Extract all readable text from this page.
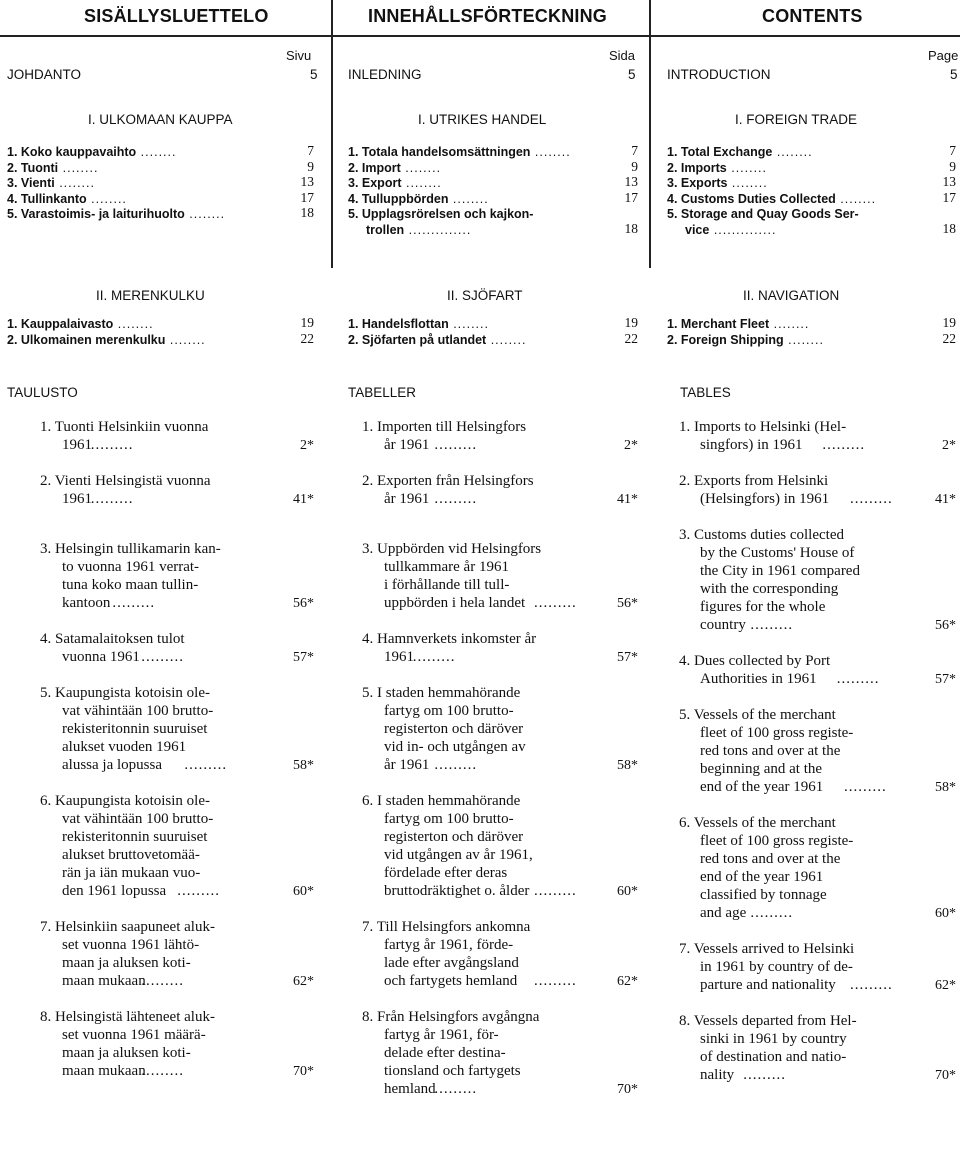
SISÄLLYSLUETTELO
Sivu
JOHDANTO	5
I. ULKOMAAN KAUPPA
1. Koko kauppavaihto ........	7
2. Tuonti ........	9
3. Vienti ........	13
4. Tullinkanto ........	17
5. Varastoimis- ja laiturihuolto ........	18
II. MERENKULKU
1. Kauppalaivasto ........	19
2. Ulkomainen merenkulku ........	22
TAULUSTO
1. Tuonti Helsinkiin vuonna
1961
.........	2*
2. Vienti Helsingistä vuonna
1961
.........	41*
3. Helsingin tullikamarin kan-
to vuonna 1961 verrat-
tuna koko maan tullin-
kantoon .........	56*
4. Satamalaitoksen tulot
vuonna 1961 .........	57*
5. Kaupungista kotoisin ole-
vat vähintään 100 brutto-
rekisteritonnin suuruiset
alukset vuoden 1961
alussa ja lopussa .........	58*
6. Kaupungista kotoisin ole-
vat vähintään 100 brutto-
rekisteritonnin suuruiset
alukset bruttovetomää-
rän ja iän mukaan vuo-
den 1961 lopussa .........	60*
7. Helsinkiin saapuneet aluk-
set vuonna 1961 lähtö-
maan ja aluksen koti-
maan mukaan
.........	62*
8. Helsingistä lähteneet aluk-
set vuonna 1961 määrä-
maan ja aluksen koti-
maan mukaan
.........	70*
INNEHÅLLSFÖRTECKNING
Sida
INLEDNING	5
I. UTRIKES HANDEL
1. Totala handelsomsättningen ........	7
2. Import ........	9
3. Export ........	13
4. Tulluppbörden ........	17
5. Upplagsrörelsen och kajkon-
trollen ..............	18
II. SJÖFART
1. Handelsflottan ........	19
2. Sjöfarten på utlandet ........	22
TABELLER
1. Importen till Helsingfors
år 1961 .........	2*
2. Exporten från Helsingfors
år 1961 .........	41*
3. Uppbörden vid Helsingfors
tullkammare år 1961
i förhållande till tull-
uppbörden i hela landet .........	56*
4. Hamnverkets inkomster år
1961
.........	57*
5. I staden hemmahörande
fartyg om 100 brutto-
registerton och däröver
vid in- och utgången av
år 1961 .........	58*
6. I staden hemmahörande
fartyg om 100 brutto-
registerton och däröver
vid utgången av år 1961,
fördelade efter deras
bruttodräktighet o. ålder .........	60*
7. Till Helsingfors ankomna
fartyg år 1961, förde-
lade efter avgångsland
och fartygets hemland .........	62*
8. Från Helsingfors avgångna
fartyg år 1961, för-
delade efter destina-
tionsland och fartygets
hemland
.........	70*
CONTENTS
Page
INTRODUCTION	5
I. FOREIGN TRADE
1. Total Exchange ........	7
2. Imports ........	9
3. Exports ........	13
4. Customs Duties Collected ........	17
5. Storage and Quay Goods Ser-
vice ..............	18
II. NAVIGATION
1. Merchant Fleet ........	19
2. Foreign Shipping ........	22
TABLES
1. Imports to Helsinki (Hel-
singfors) in 1961 .........	2*
2. Exports from Helsinki
(Helsingfors) in 1961 .........	41*
3. Customs duties collected
by the Customs' House of
the City in 1961 compared
with the corresponding
figures for the whole
country .........	56*
4. Dues collected by Port
Authorities in 1961 .........	57*
5. Vessels of the merchant
fleet of 100 gross registe-
red tons and over at the
beginning and at the
end of the year 1961 .........	58*
6. Vessels of the merchant
fleet of 100 gross registe-
red tons and over at the
end of the year 1961
classified by tonnage
and age .........	60*
7. Vessels arrived to Helsinki
in 1961 by country of de-
parture and nationality .........	62*
8. Vessels departed from Hel-
sinki in 1961 by country
of destination and natio-
nality .........	70*
